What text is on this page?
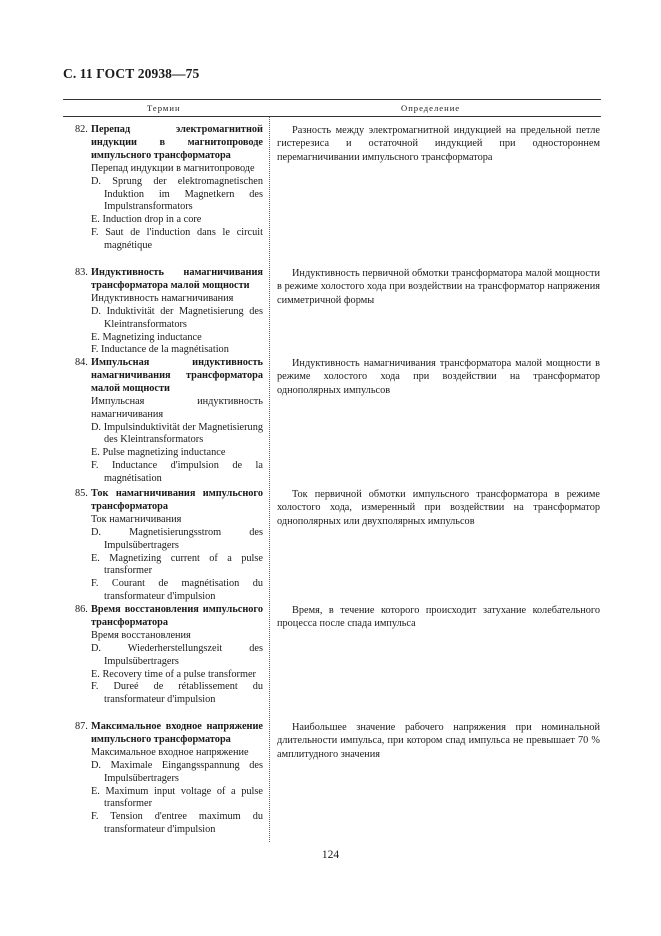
С. 11 ГОСТ 20938—75
Термин	Определение
82. Перепад электромагнитной индукции в магнитопроводе импульсного трансформатора
Перепад индукции в магнитопроводе
D. Sprung der elektromagnetischen Induktion im Magnetkern des Impulstransformators
E. Induction drop in a core
F. Saut de l'induction dans le circuit magnétique
Разность между электромагнитной индукцией на предельной петле гистерезиса и остаточной индукцией при одностороннем перемагничивании импульсного трансформатора
83. Индуктивность намагничивания трансформатора малой мощности
Индуктивность намагничивания
D. Induktivität der Magnetisierung des Kleintransformators
E. Magnetizing inductance
F. Inductance de la magnétisation
Индуктивность первичной обмотки трансформатора малой мощности в режиме холостого хода при воздействии на трансформатор напряжения симметричной формы
84. Импульсная индуктивность намагничивания трансформатора малой мощности
Импульсная индуктивность намагничивания
D. Impulsinduktivität der Magnetisierung des Kleintransformators
E. Pulse magnetizing inductance
F. Inductance d'impulsion de la magnétisation
Индуктивность намагничивания трансформатора малой мощности в режиме холостого хода при воздействии на трансформатор однополярных импульсов
85. Ток намагничивания импульсного трансформатора
Ток намагничивания
D. Magnetisierungsstrom des Impulsübertragers
E. Magnetizing current of a pulse transformer
F. Courant de magnétisation du transformateur d'impulsion
Ток первичной обмотки импульсного трансформатора в режиме холостого хода, измеренный при воздействии на трансформатор однополярных или двухполярных импульсов
86. Время восстановления импульсного трансформатора
Время восстановления
D. Wiederherstellungszeit des Impulsübertragers
E. Recovery time of a pulse transformer
F. Dureé de rétablissement du transformateur d'impulsion
Время, в течение которого происходит затухание колебательного процесса после спада импульса
87. Максимальное входное напряжение импульсного трансформатора
Максимальное входное напряжение
D. Maximale Eingangsspannung des Impulsübertragers
E. Maximum input voltage of a pulse transformer
F. Tension d'entree maximum du transformateur d'impulsion
Наибольшее значение рабочего напряжения при номинальной длительности импульса, при котором спад импульса не превышает 70 % амплитудного значения
124
